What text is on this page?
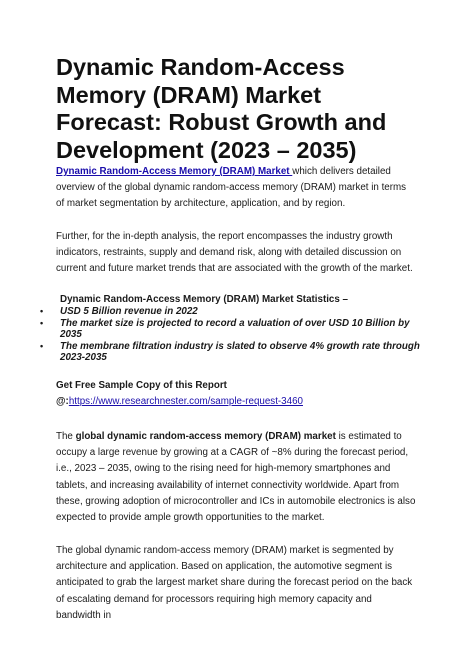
Dynamic Random-Access Memory (DRAM) Market Forecast: Robust Growth and Development (2023 – 2035)

Dynamic Random-Access Memory (DRAM) Market which delivers detailed overview of the global dynamic random-access memory (DRAM) market in terms of market segmentation by architecture, application, and by region.

Further, for the in-depth analysis, the report encompasses the industry growth indicators, restraints, supply and demand risk, along with detailed discussion on current and future market trends that are associated with the growth of the market.

Dynamic Random-Access Memory (DRAM) Market Statistics –

• USD 5 Billion revenue in 2022
• The market size is projected to record a valuation of over USD 10 Billion by 2035
• The membrane filtration industry is slated to observe 4% growth rate through 2023-2035

Get Free Sample Copy of this Report @:https://www.researchnester.com/sample-request-3460

The global dynamic random-access memory (DRAM) market is estimated to occupy a large revenue by growing at a CAGR of ~8% during the forecast period, i.e., 2023 – 2035, owing to the rising need for high-memory smartphones and tablets, and increasing availability of internet connectivity worldwide. Apart from these, growing adoption of microcontroller and ICs in automobile electronics is also expected to provide ample growth opportunities to the market.

The global dynamic random-access memory (DRAM) market is segmented by architecture and application. Based on application, the automotive segment is anticipated to grab the largest market share during the forecast period on the back of escalating demand for processors requiring high memory capacity and bandwidth in
